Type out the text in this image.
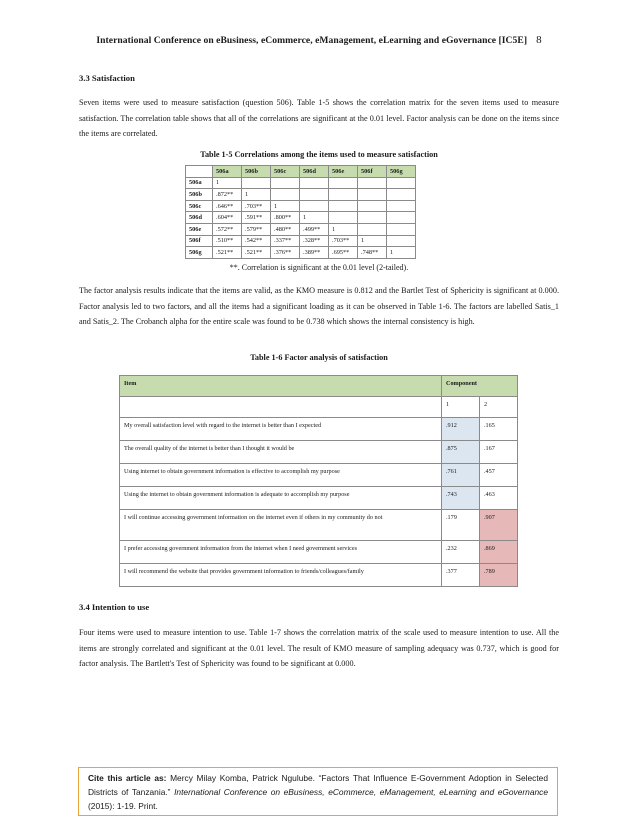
International Conference on eBusiness, eCommerce, eManagement, eLearning and eGovernance [IC5E] 8
3.3 Satisfaction
Seven items were used to measure satisfaction (question 506). Table 1-5 shows the correlation matrix for the seven items used to measure satisfaction. The correlation table shows that all of the correlations are significant at the 0.01 level. Factor analysis can be done on the items since the items are correlated.
Table 1-5 Correlations among the items used to measure satisfaction
	506a	506b	506c	506d	506e	506f	506g
506a	1						
506b	.872**	1					
506c	.646**	.703**	1				
506d	.604**	.591**	.800**	1			
506e	.572**	.579**	.480**	.499**	1		
506f	.510**	.542**	.337**	.328**	.703**	1	
506g	.521**	.521**	.376**	.389**	.695**	.748**	1
**. Correlation is significant at the 0.01 level (2-tailed).
The factor analysis results indicate that the items are valid, as the KMO measure is 0.812 and the Bartlet Test of Sphericity is significant at 0.000. Factor analysis led to two factors, and all the items had a significant loading as it can be observed in Table 1-6. The factors are labelled Satis_1 and Satis_2. The Crobanch alpha for the entire scale was found to be 0.738 which shows the internal consistency is high.
Table 1-6 Factor analysis of satisfaction
Item	Component	
	1	2
My overall satisfaction level with regard to the internet is better than I expected	.912	.165
The overall quality of the internet is better than I thought it would be	.875	.167
Using internet to obtain government information is effective to accomplish my purpose	.761	.457
Using the internet to obtain government information is adequate to accomplish my purpose	.743	.463
I will continue accessing government information on the internet even if others in my community do not	.179	.907
I prefer accessing government information from the internet when I need government services	.232	.869
I will recommend the website that provides government information to friends/colleagues/family	.377	.789
3.4 Intention to use
Four items were used to measure intention to use. Table 1-7 shows the correlation matrix of the scale used to measure intention to use. All the items are strongly correlated and significant at the 0.01 level. The result of KMO measure of sampling adequacy was 0.737, which is good for factor analysis. The Bartlett's Test of Sphericity was found to be significant at 0.000.
Cite this article as: Mercy Milay Komba, Patrick Ngulube. “Factors That Influence E-Government Adoption in Selected Districts of Tanzania.” International Conference on eBusiness, eCommerce, eManagement, eLearning and eGovernance (2015): 1-19. Print.
